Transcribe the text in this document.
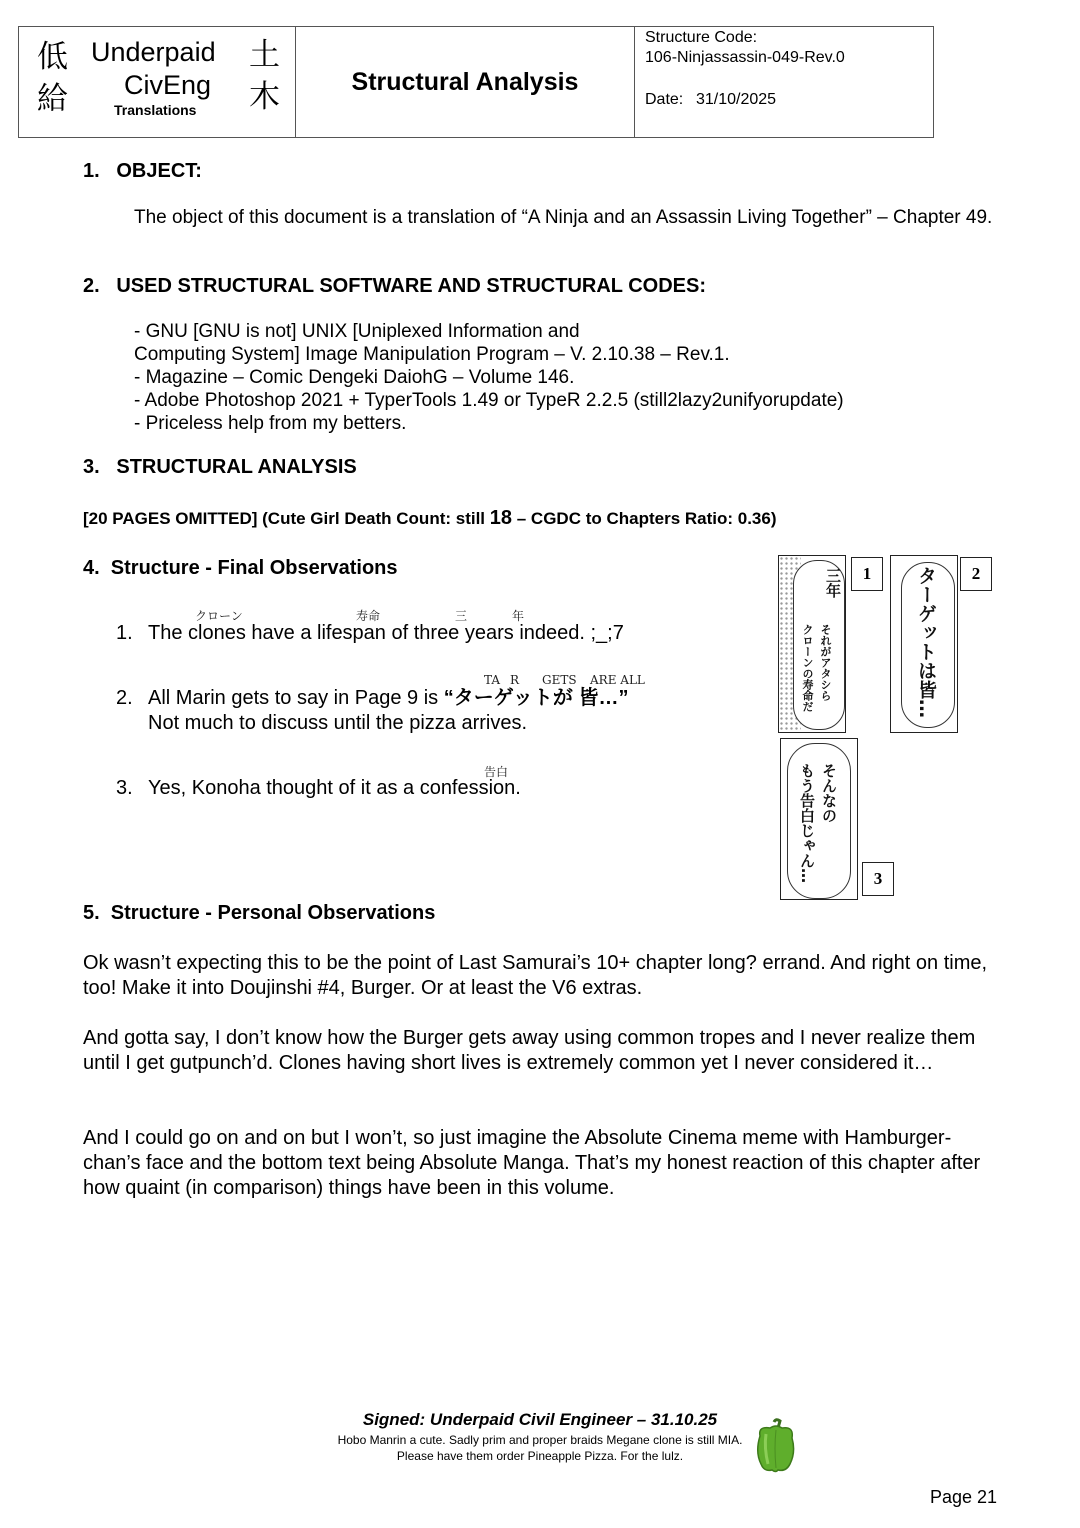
低
給
土
木
Underpaid
CivEng
Translations
Structural Analysis
Structure Code:
106-Ninjassassin-049-Rev.0
Date: 31/10/2025
1.   OBJECT:
The object of this document is a translation of “A Ninja and an Assassin Living Together” – Chapter 49.
2.   USED STRUCTURAL SOFTWARE AND STRUCTURAL CODES:
- GNU [GNU is not] UNIX [Uniplexed Information and
Computing System] Image Manipulation Program – V. 2.10.38 – Rev.1.
- Magazine – Comic Dengeki DaiohG – Volume 146.
- Adobe Photoshop 2021 + TyperTools 1.49 or TypeR 2.2.5 (still2lazy2unifyorupdate)
- Priceless help from my betters.
3.   STRUCTURAL ANALYSIS
[20 PAGES OMITTED] (Cute Girl Death Count: still 18 – CGDC to Chapters Ratio: 0.36)
4.  Structure - Final Observations
クローン	寿命	三	年
1. The clones have a lifespan of three years indeed. ;_;7
TA R GETS ARE ALL
2. All Marin gets to say in Page 9 is “ターゲットが 皆…”
Not much to discuss until the pizza arrives.
告白
3. Yes, Konoha thought of it as a confession.
三年
それがアタシら
クローンの寿命だ
1	ターゲットは皆…	2
そんなの
もう告白じゃん…	3
5.  Structure - Personal Observations
Ok wasn’t expecting this to be the point of Last Samurai’s 10+ chapter long? errand. And right on time, too! Make it into Doujinshi #4, Burger. Or at least the V6 extras.
And gotta say, I don’t know how the Burger gets away using common tropes and I never realize them until I get gutpunch’d. Clones having short lives is extremely common yet I never considered it…
And I could go on and on but I won’t, so just imagine the Absolute Cinema meme with Hamburger-chan’s face and the bottom text being Absolute Manga. That’s my honest reaction of this chapter after how quaint (in comparison) things have been in this volume.
Signed: Underpaid Civil Engineer – 31.10.25
Hobo Manrin a cute. Sadly prim and proper braids Megane clone is still MIA.
Please have them order Pineapple Pizza. For the lulz.
Page 21
